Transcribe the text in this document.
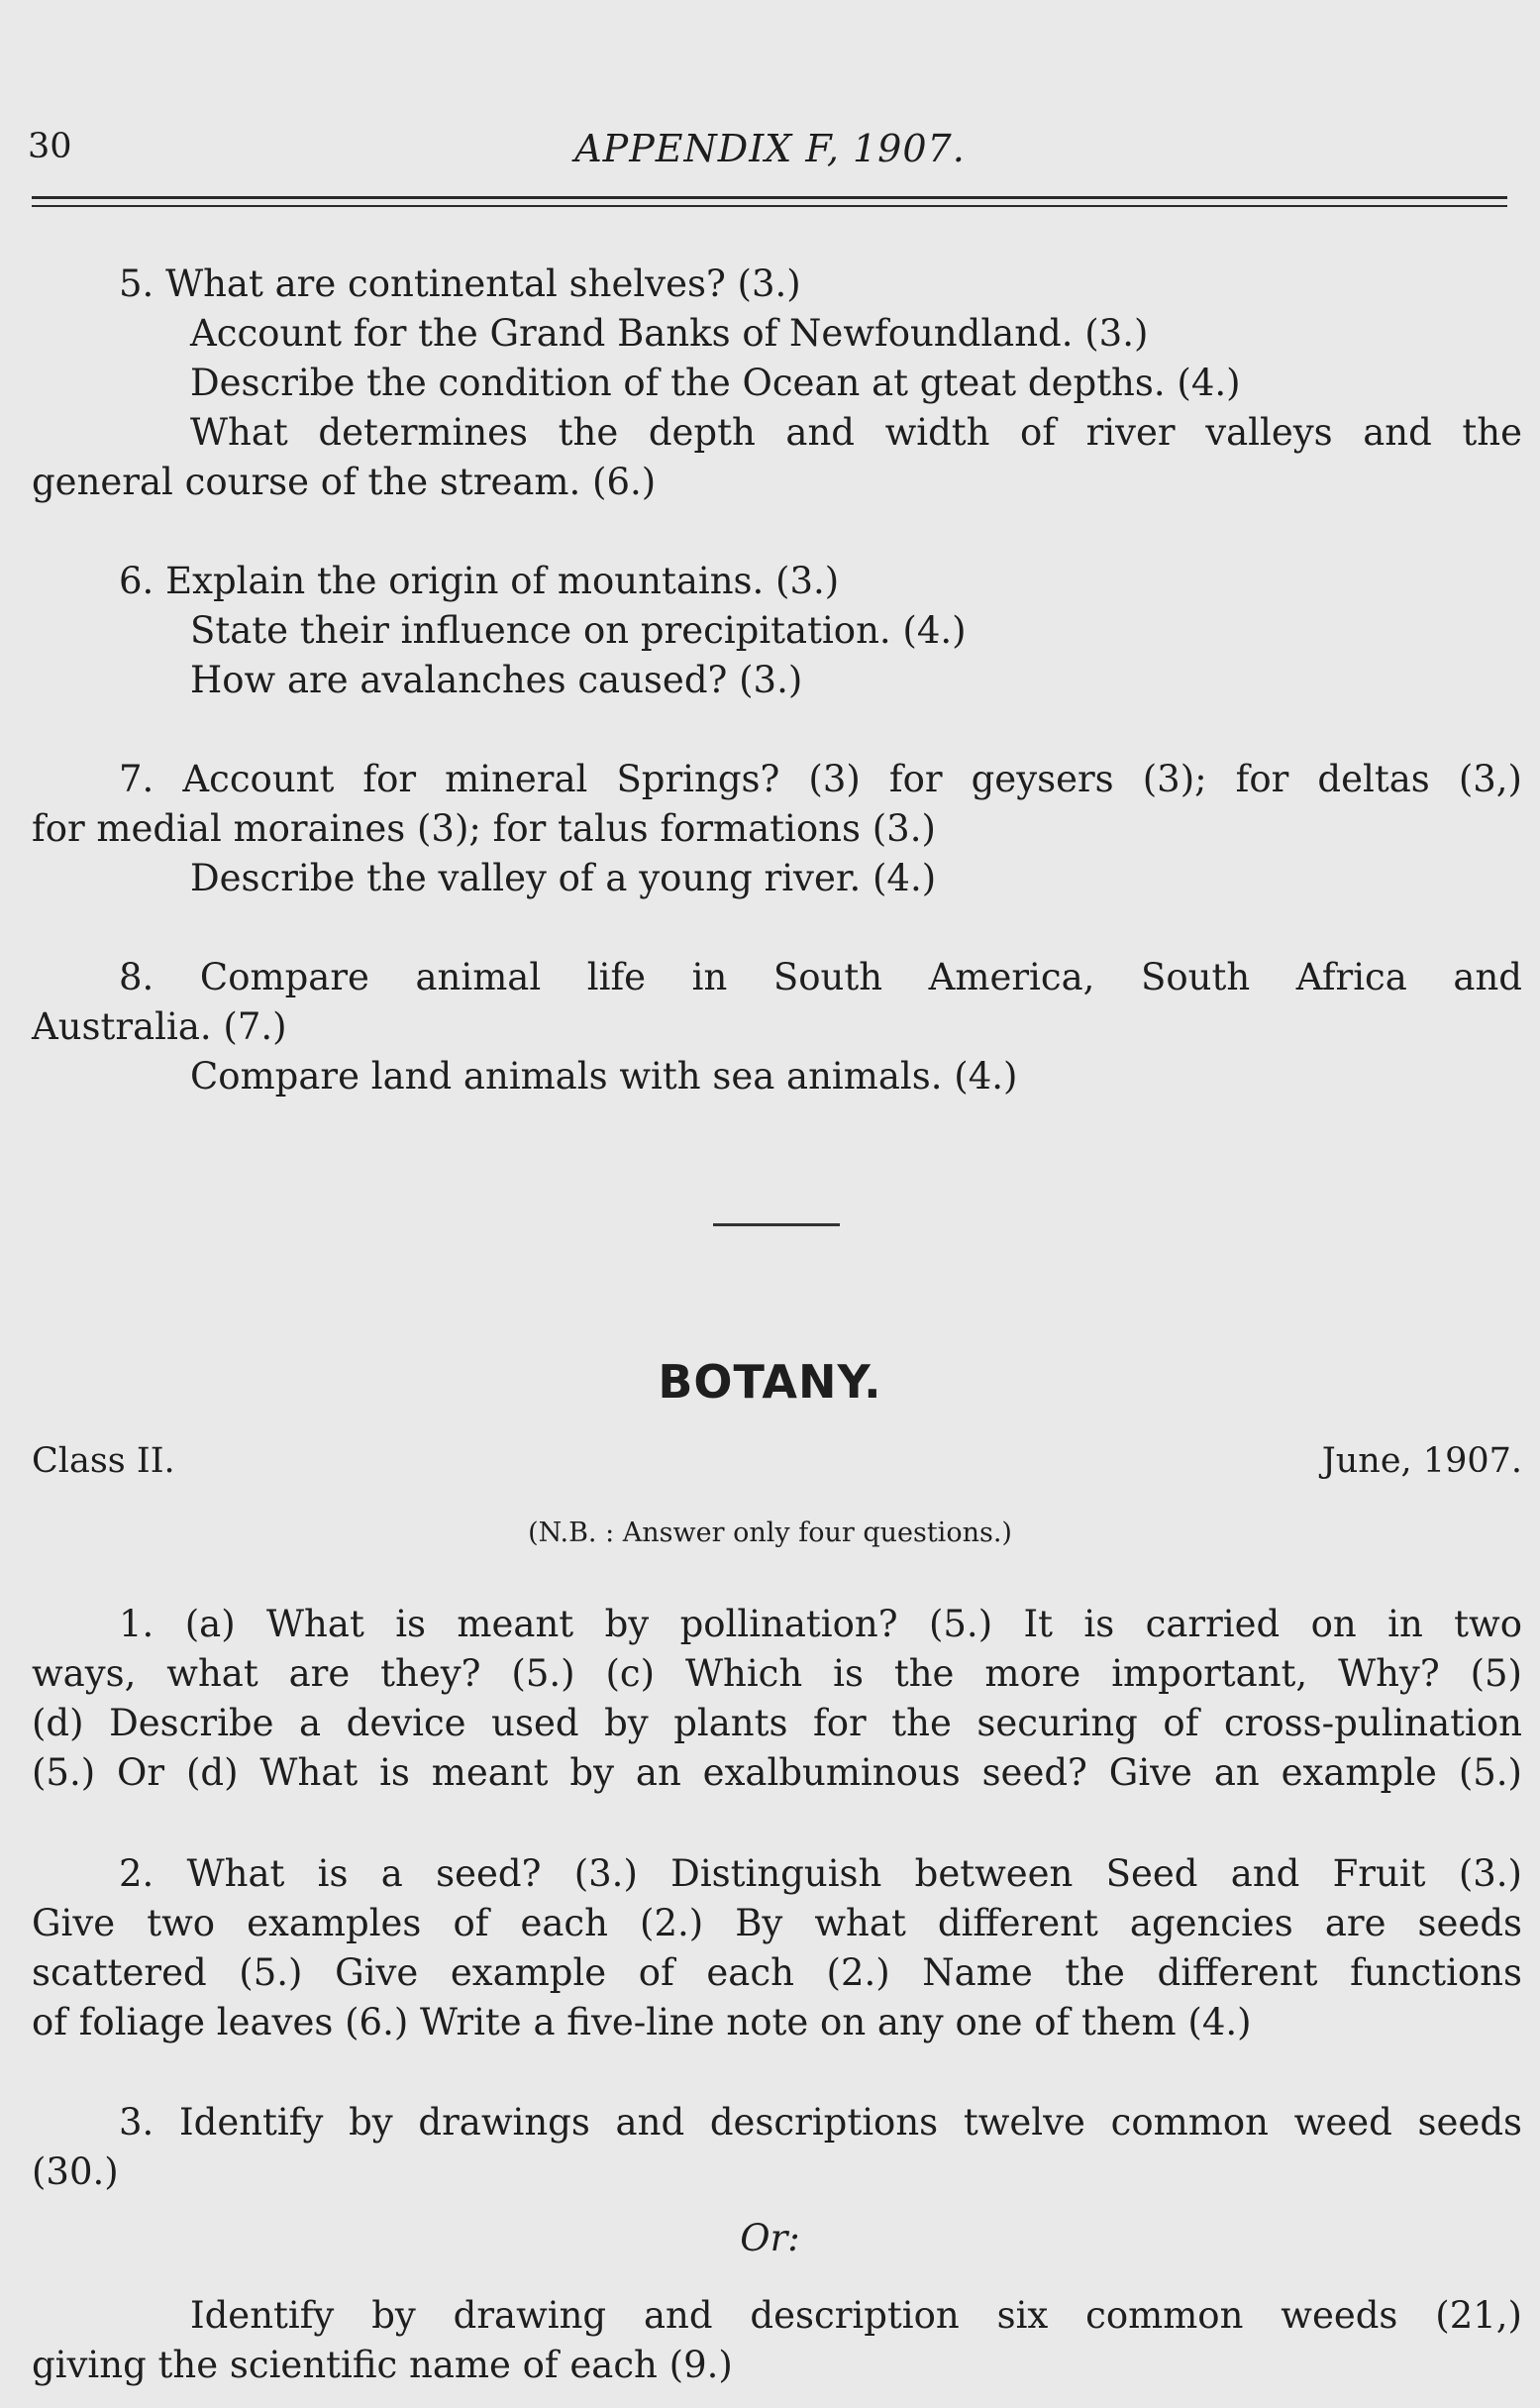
30	APPENDIX F, 1907.
5. What are continental shelves? (3.)
Account for the Grand Banks of Newfoundland. (3.)
Describe the condition of the Ocean at gteat depths. (4.)
What determines the depth and width of river valleys and the
general course of the stream. (6.)
6. Explain the origin of mountains. (3.)
State their influence on precipitation. (4.)
How are avalanches caused? (3.)
7. Account for mineral Springs? (3) for geysers (3); for deltas (3,)
for medial moraines (3); for talus formations (3.)
Describe the valley of a young river. (4.)
8. Compare animal life in South America, South Africa and
Australia. (7.)
Compare land animals with sea animals. (4.)
BOTANY.
Class II.	June, 1907.
(N.B. : Answer only four questions.)
1. (a) What is meant by pollination? (5.) It is carried on in two
ways, what are they? (5.) (c) Which is the more important, Why? (5)
(d) Describe a device used by plants for the securing of cross-pulination
(5.) Or (d) What is meant by an exalbuminous seed? Give an example (5.)
2. What is a seed? (3.) Distinguish between Seed and Fruit (3.)
Give two examples of each (2.) By what different agencies are seeds
scattered (5.) Give example of each (2.) Name the different functions
of foliage leaves (6.) Write a five-line note on any one of them (4.)
3. Identify by drawings and descriptions twelve common weed seeds
(30.)
Or:
Identify by drawing and description six common weeds (21,)
giving the scientific name of each (9.)
